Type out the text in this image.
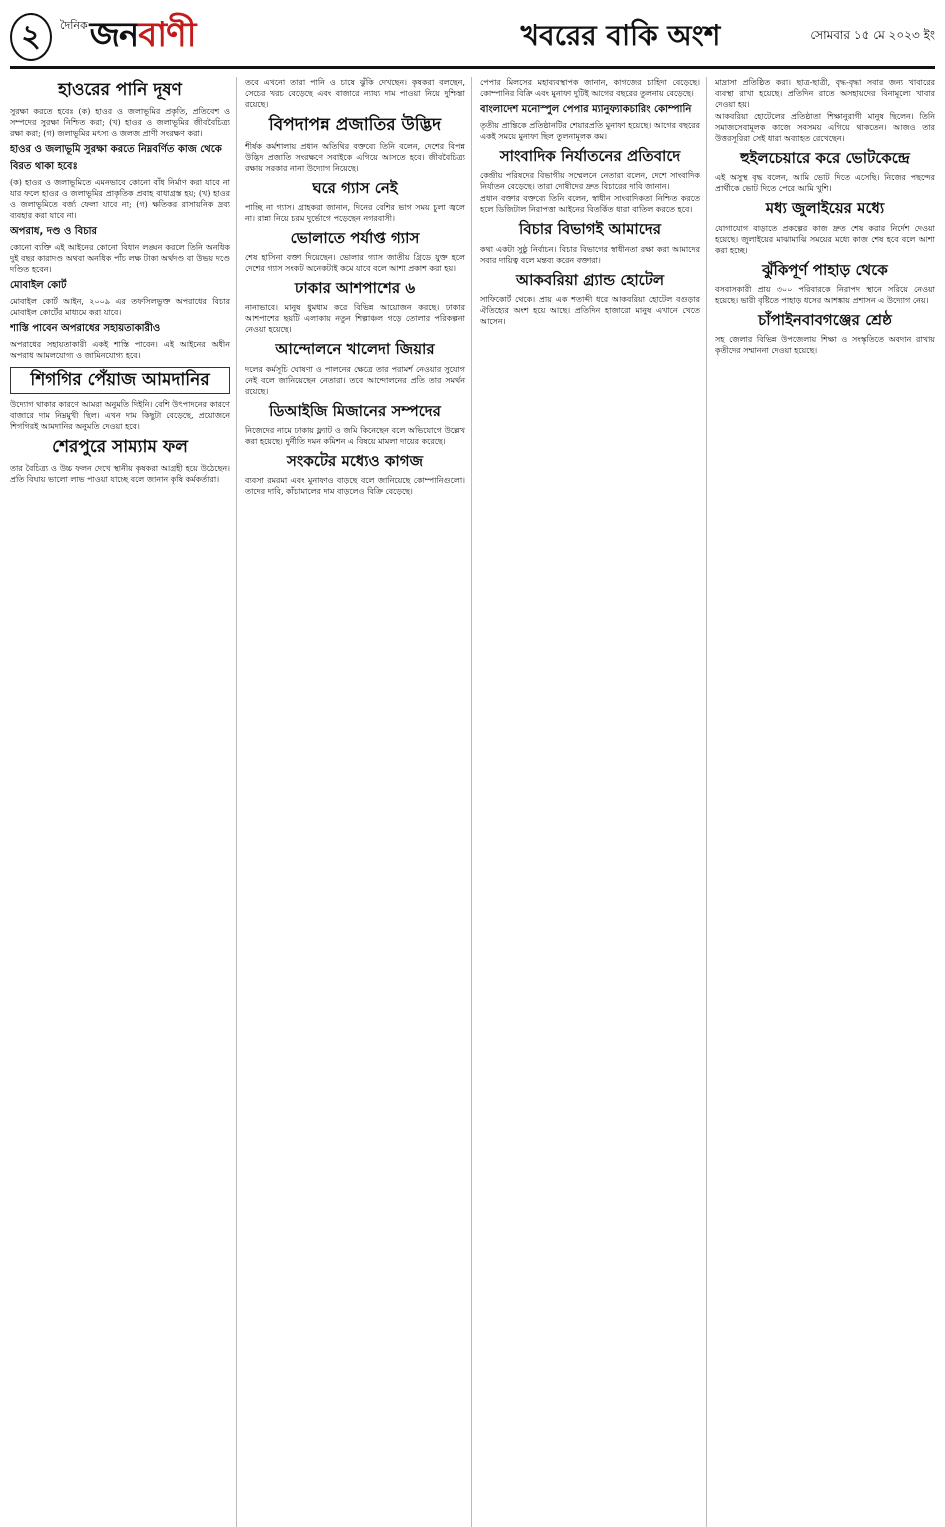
২	দৈনিক জনবাণী	খবরের বাকি অংশ	সোমবার ১৫ মে ২০২৩ ইং
হাওরের পানি দূষণ

সুরক্ষা করতে হবেঃ (ক) হাওর ও জলাভূমির প্রকৃতি, প্রতিবেশ ও সম্পদের সুরক্ষা নিশ্চিত করা; (খ) হাওর ও জলাভূমির জীববৈচিত্র্য রক্ষা করা; (গ) জলাভূমির মৎস্য ও জলজ প্রাণী সংরক্ষণ করা।

হাওর ও জলাভূমি সুরক্ষা করতে নিম্নবর্ণিত কাজ থেকে বিরত থাকা হবেঃ

(ক) হাওর ও জলাভূমিতে এমনভাবে কোনো বাঁধ নির্মাণ করা যাবে না যার ফলে হাওর ও জলাভূমির প্রাকৃতিক প্রবাহ বাধাগ্রস্ত হয়; (খ) হাওর ও জলাভূমিতে বর্জ্য ফেলা যাবে না; (গ) ক্ষতিকর রাসায়নিক দ্রব্য ব্যবহার করা যাবে না।

অপরাধ, দণ্ড ও বিচার

কোনো ব্যক্তি এই আইনের কোনো বিধান লঙ্ঘন করলে তিনি অনধিক দুই বছর কারাদণ্ড অথবা অনধিক পাঁচ লক্ষ টাকা অর্থদণ্ড বা উভয় দণ্ডে দণ্ডিত হবেন।

মোবাইল কোর্ট

মোবাইল কোর্ট আইন, ২০০৯ এর তফসিলভুক্ত অপরাধের বিচার মোবাইল কোর্টের মাধ্যমে করা যাবে।

শাস্তি পাবেন অপরাধের সহায়তাকারীও

অপরাধের সহায়তাকারী একই শাস্তি পাবেন। এই আইনের অধীন অপরাধ আমলযোগ্য ও জামিনযোগ্য হবে।

শিগগির পেঁয়াজ আমদানির

উদ্যোগ থাকার কারণে আমরা অনুমতি দিইনি। বেশি উৎপাদনের কারণে বাজারে দাম নিম্নমুখী ছিল। এখন দাম কিছুটা বেড়েছে, প্রয়োজনে শিগগিরই আমদানির অনুমতি দেওয়া হবে।

শেরপুরে সাম্যাম ফল

তার বৈচিত্র্য ও উচ্চ ফলন দেখে স্থানীয় কৃষকরা আগ্রহী হয়ে উঠেছেন। প্রতি বিঘায় ভালো লাভ পাওয়া যাচ্ছে বলে জানান কৃষি কর্মকর্তারা।

তবে এখনো তারা পানি ও চাষে ঝুঁকি দেখছেন। কৃষকরা বলছেন, সেচের খরচ বেড়েছে এবং বাজারে ন্যায্য দাম পাওয়া নিয়ে দুশ্চিন্তা রয়েছে।

বিপদাপন্ন প্রজাতির উদ্ভিদ

শীর্ষক কর্মশালায় প্রধান অতিথির বক্তব্যে তিনি বলেন, দেশের বিপন্ন উদ্ভিদ প্রজাতি সংরক্ষণে সবাইকে এগিয়ে আসতে হবে। জীববৈচিত্র্য রক্ষায় সরকার নানা উদ্যোগ নিয়েছে।

ঘরে গ্যাস নেই

পাচ্ছি না গ্যাস। গ্রাহকরা জানান, দিনের বেশির ভাগ সময় চুলা জ্বলে না। রান্না নিয়ে চরম দুর্ভোগে পড়েছেন নগরবাসী।

ভোলাতে পর্যাপ্ত গ্যাস

শেষ হাসিনা বক্তা দিয়েছেন। ভোলার গ্যাস জাতীয় গ্রিডে যুক্ত হলে দেশের গ্যাস সংকট অনেকটাই কমে যাবে বলে আশা প্রকাশ করা হয়।

ঢাকার আশপাশের ৬

নানাভাবে। মানুষ ধুমধাম করে বিভিন্ন আয়োজন করছে। ঢাকার আশপাশের ছয়টি এলাকায় নতুন শিল্পাঞ্চল গড়ে তোলার পরিকল্পনা নেওয়া হয়েছে।

আন্দোলনে খালেদা জিয়ার

দলের কর্মসূচি ঘোষণা ও পালনের ক্ষেত্রে তার পরামর্শ নেওয়ার সুযোগ নেই বলে জানিয়েছেন নেতারা। তবে আন্দোলনের প্রতি তার সমর্থন রয়েছে।

ডিআইজি মিজানের সম্পদের

নিজেদের নামে ঢাকায় ফ্ল্যাট ও জমি কিনেছেন বলে অভিযোগে উল্লেখ করা হয়েছে। দুর্নীতি দমন কমিশন এ বিষয়ে মামলা দায়ের করেছে।

সংকটের মধ্যেও কাগজ

ব্যবসা রমরমা এবং মুনাফাও বাড়ছে বলে জানিয়েছে কোম্পানিগুলো। তাদের দাবি, কাঁচামালের দাম বাড়লেও বিক্রি বেড়েছে।

পেপার মিলসের মহাব্যবস্থাপক জানান, কাগজের চাহিদা বেড়েছে। কোম্পানির বিক্রি এবং মুনাফা দুটিই আগের বছরের তুলনায় বেড়েছে।

বাংলাদেশ মনোস্পুল পেপার ম্যানুফ্যাকচারিং কোম্পানি

তৃতীয় প্রান্তিকে প্রতিষ্ঠানটির শেয়ারপ্রতি মুনাফা হয়েছে। আগের বছরের একই সময়ে মুনাফা ছিল তুলনামূলক কম।

সাংবাদিক নির্যাতনের প্রতিবাদে

কেন্দ্রীয় পরিষদের বিভাগীয় সম্মেলনে নেতারা বলেন, দেশে সাংবাদিক নির্যাতন বেড়েছে। তারা দোষীদের দ্রুত বিচারের দাবি জানান।

প্রধান বক্তার বক্তব্যে তিনি বলেন, স্বাধীন সাংবাদিকতা নিশ্চিত করতে হলে ডিজিটাল নিরাপত্তা আইনের বিতর্কিত ধারা বাতিল করতে হবে।

বিচার বিভাগই আমাদের

কথা একটা সুষ্ঠু নির্বাচন। বিচার বিভাগের স্বাধীনতা রক্ষা করা আমাদের সবার দায়িত্ব বলে মন্তব্য করেন বক্তারা।

আকবরিয়া গ্র্যান্ড হোটেল

সাফিকোর্ট থেকে। প্রায় এক শতাব্দী ধরে আকবরিয়া হোটেল বগুড়ার ঐতিহ্যের অংশ হয়ে আছে। প্রতিদিন হাজারো মানুষ এখানে খেতে আসেন।

মাদ্রাসা প্রতিষ্ঠিত করা। ছাত্র-ছাত্রী, বৃদ্ধ-বৃদ্ধা সবার জন্য খাবারের ব্যবস্থা রাখা হয়েছে। প্রতিদিন রাতে অসহায়দের বিনামূল্যে খাবার দেওয়া হয়।

আকবরিয়া হোটেলের প্রতিষ্ঠাতা শিক্ষানুরাগী মানুষ ছিলেন। তিনি সমাজসেবামূলক কাজে সবসময় এগিয়ে থাকতেন। আজও তার উত্তরসূরিরা সেই ধারা অব্যাহত রেখেছেন।

হুইলচেয়ারে করে ভোটকেন্দ্রে

এই অসুস্থ বৃদ্ধ বলেন, আমি ভোট দিতে এসেছি। নিজের পছন্দের প্রার্থীকে ভোট দিতে পেরে আমি খুশি।

মধ্য জুলাইয়ের মধ্যে

যোগাযোগ বাড়াতে প্রকল্পের কাজ দ্রুত শেষ করার নির্দেশ দেওয়া হয়েছে। জুলাইয়ের মাঝামাঝি সময়ের মধ্যে কাজ শেষ হবে বলে আশা করা হচ্ছে।

ঝুঁকিপূর্ণ পাহাড় থেকে

বসবাসকারী প্রায় ৩০০ পরিবারকে নিরাপদ স্থানে সরিয়ে নেওয়া হয়েছে। ভারী বৃষ্টিতে পাহাড় ধসের আশঙ্কায় প্রশাসন এ উদ্যোগ নেয়।

চাঁপাইনবাবগঞ্জের শ্রেষ্ঠ

সহ জেলার বিভিন্ন উপজেলায় শিক্ষা ও সংস্কৃতিতে অবদান রাখায় কৃতীদের সম্মাননা দেওয়া হয়েছে।
